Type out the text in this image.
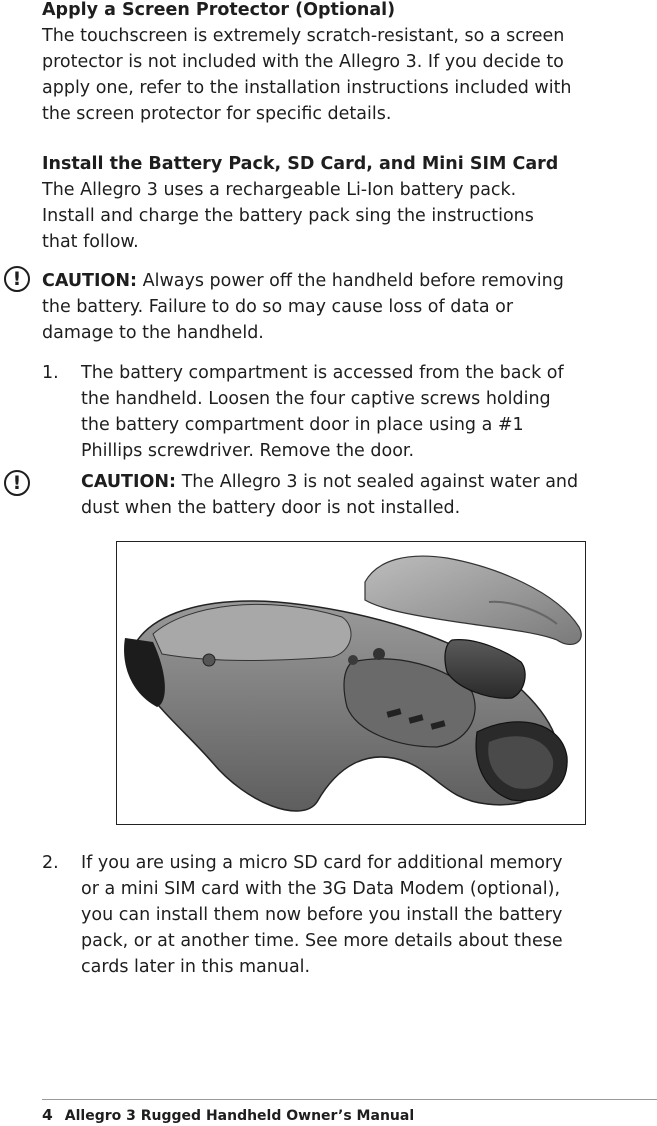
Apply a Screen Protector (Optional)
The touchscreen is extremely scratch-resistant, so a screen
protector is not included with the Allegro 3. If you decide to
apply one, refer to the installation instructions included with
the screen protector for specific details.
Install the Battery Pack, SD Card, and Mini SIM Card
The Allegro 3 uses a rechargeable Li-Ion battery pack.
Install and charge the battery pack sing the instructions
that follow.
!	CAUTION: Always power off the handheld before removing
the battery. Failure to do so may cause loss of data or
damage to the handheld.
1. The battery compartment is accessed from the back of
the handheld. Loosen the four captive screws holding
the battery compartment door in place using a #1
Phillips screwdriver. Remove the door.
!	CAUTION: The Allegro 3 is not sealed against water and
dust when the battery door is not installed.
2. If you are using a micro SD card for additional memory
or a mini SIM card with the 3G Data Modem (optional),
you can install them now before you install the battery
pack, or at another time. See more details about these
cards later in this manual.
4 Allegro 3 Rugged Handheld Owner’s Manual
